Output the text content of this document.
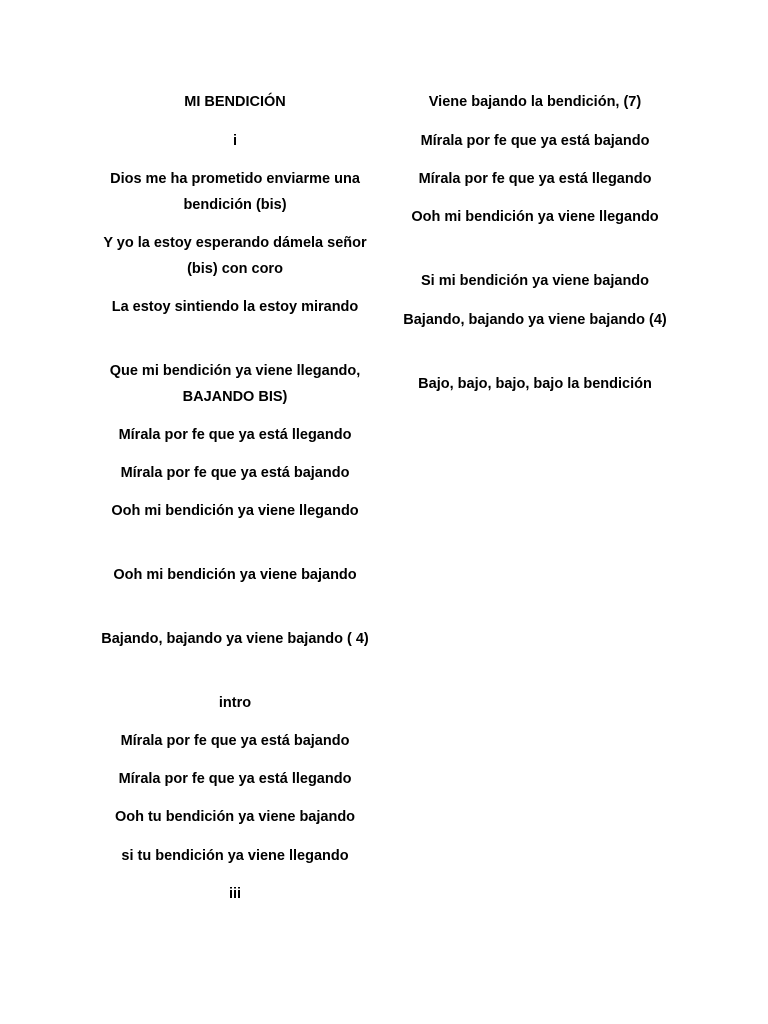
MI BENDICIÓN

i

Dios me ha prometido enviarme una bendición (bis)

Y yo la estoy esperando dámela señor (bis) con coro

La estoy sintiendo la estoy mirando

Que mi bendición ya viene llegando, BAJANDO BIS)

Mírala por fe que ya está llegando

Mírala por fe que ya está bajando

Ooh mi bendición ya viene llegando

Ooh mi bendición ya viene bajando

Bajando, bajando ya viene bajando ( 4)

intro

Mírala por fe que ya está bajando

Mírala por fe que ya está llegando

Ooh tu bendición ya viene bajando

si tu bendición ya viene llegando

iii

Viene bajando la bendición, (7)

Mírala por fe que ya está bajando

Mírala por fe que ya está llegando

Ooh mi bendición ya viene llegando

Si mi bendición ya viene bajando

Bajando, bajando ya viene bajando (4)

Bajo, bajo, bajo, bajo la bendición
